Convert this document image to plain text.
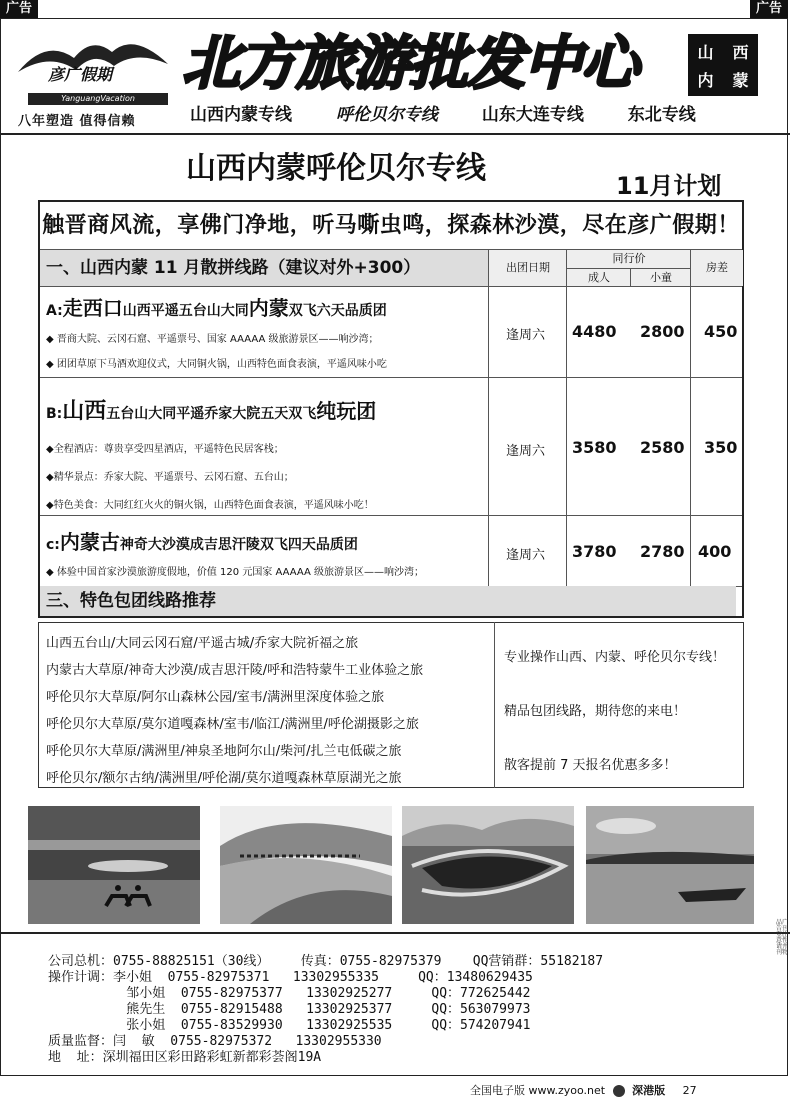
广告	广告
彦广假期
YanguangVacation
八年塑造 值得信赖
北方旅游批发中心	山	西
内	蒙
山西内蒙专线	呼伦贝尔专线	山东大连专线	东北专线
山西内蒙呼伦贝尔专线	11月计划
触晋商风流，享佛门净地，听马嘶虫鸣，探森林沙漠，尽在彦广假期！
一、山西内蒙 11 月散拼线路（建议对外+300）	出团日期
同行价
成人	小童
房差
A:走西口山西平遥五台山大同内蒙双飞六天品质团
◆ 晋商大院、云冈石窟、平遥票号、国家 AAAAA 级旅游景区——响沙湾；
◆ 团团草原下马酒欢迎仪式，大同铜火锅，山西特色面食表演，平遥风味小吃
逢周六 4480 2800 450
B:山西五台山大同平遥乔家大院五天双飞纯玩团
◆全程酒店：尊贵享受四星酒店，平遥特色民居客栈；
◆精华景点：乔家大院、平遥票号、云冈石窟、五台山；
◆特色美食：大同红红火火的铜火锅，山西特色面食表演，平遥风味小吃！
逢周六 3580 2580 350
c:内蒙古神奇大沙漠成吉思汗陵双飞四天品质团
◆ 体验中国首家沙漠旅游度假地，价值 120 元国家 AAAAA 级旅游景区——响沙湾；
逢周六 3780 2780 400
三、特色包团线路推荐
山西五台山/大同云冈石窟/平遥古城/乔家大院祈福之旅
内蒙古大草原/神奇大沙漠/成吉思汗陵/呼和浩特蒙牛工业体验之旅
呼伦贝尔大草原/阿尔山森林公园/室韦/满洲里深度体验之旅
呼伦贝尔大草原/莫尔道嘎森林/室韦/临江/满洲里/呼伦湖摄影之旅
呼伦贝尔大草原/满洲里/神泉圣地阿尔山/柴河/扎兰屯低碳之旅
呼伦贝尔/额尔古纳/满洲里/呼伦湖/莫尔道嘎森林草原湖光之旅
专业操作山西、内蒙、呼伦贝尔专线！
精品包团线路，期待您的来电！
散客提前 7 天报名优惠多多！
公司总机：0755-88825151（30线）    传真：0755-82975379    QQ营销群：55182187
操作计调：李小姐  0755-82975371   13302955335     QQ：13480629435
邹小姐  0755-82975377   13302925277     QQ：772625442
熊先生  0755-82915488   13302925377     QQ：563079973
张小姐  0755-83529930   13302925535     QQ：574207941
质量监督：闫  敏  0755-82975372   13302955330
地  址：深圳福田区彩田路彩虹新都彩荟阁19A
品广告刊登注意性请并刊物
全国电子版 www.zyoo.net 深港版 27
